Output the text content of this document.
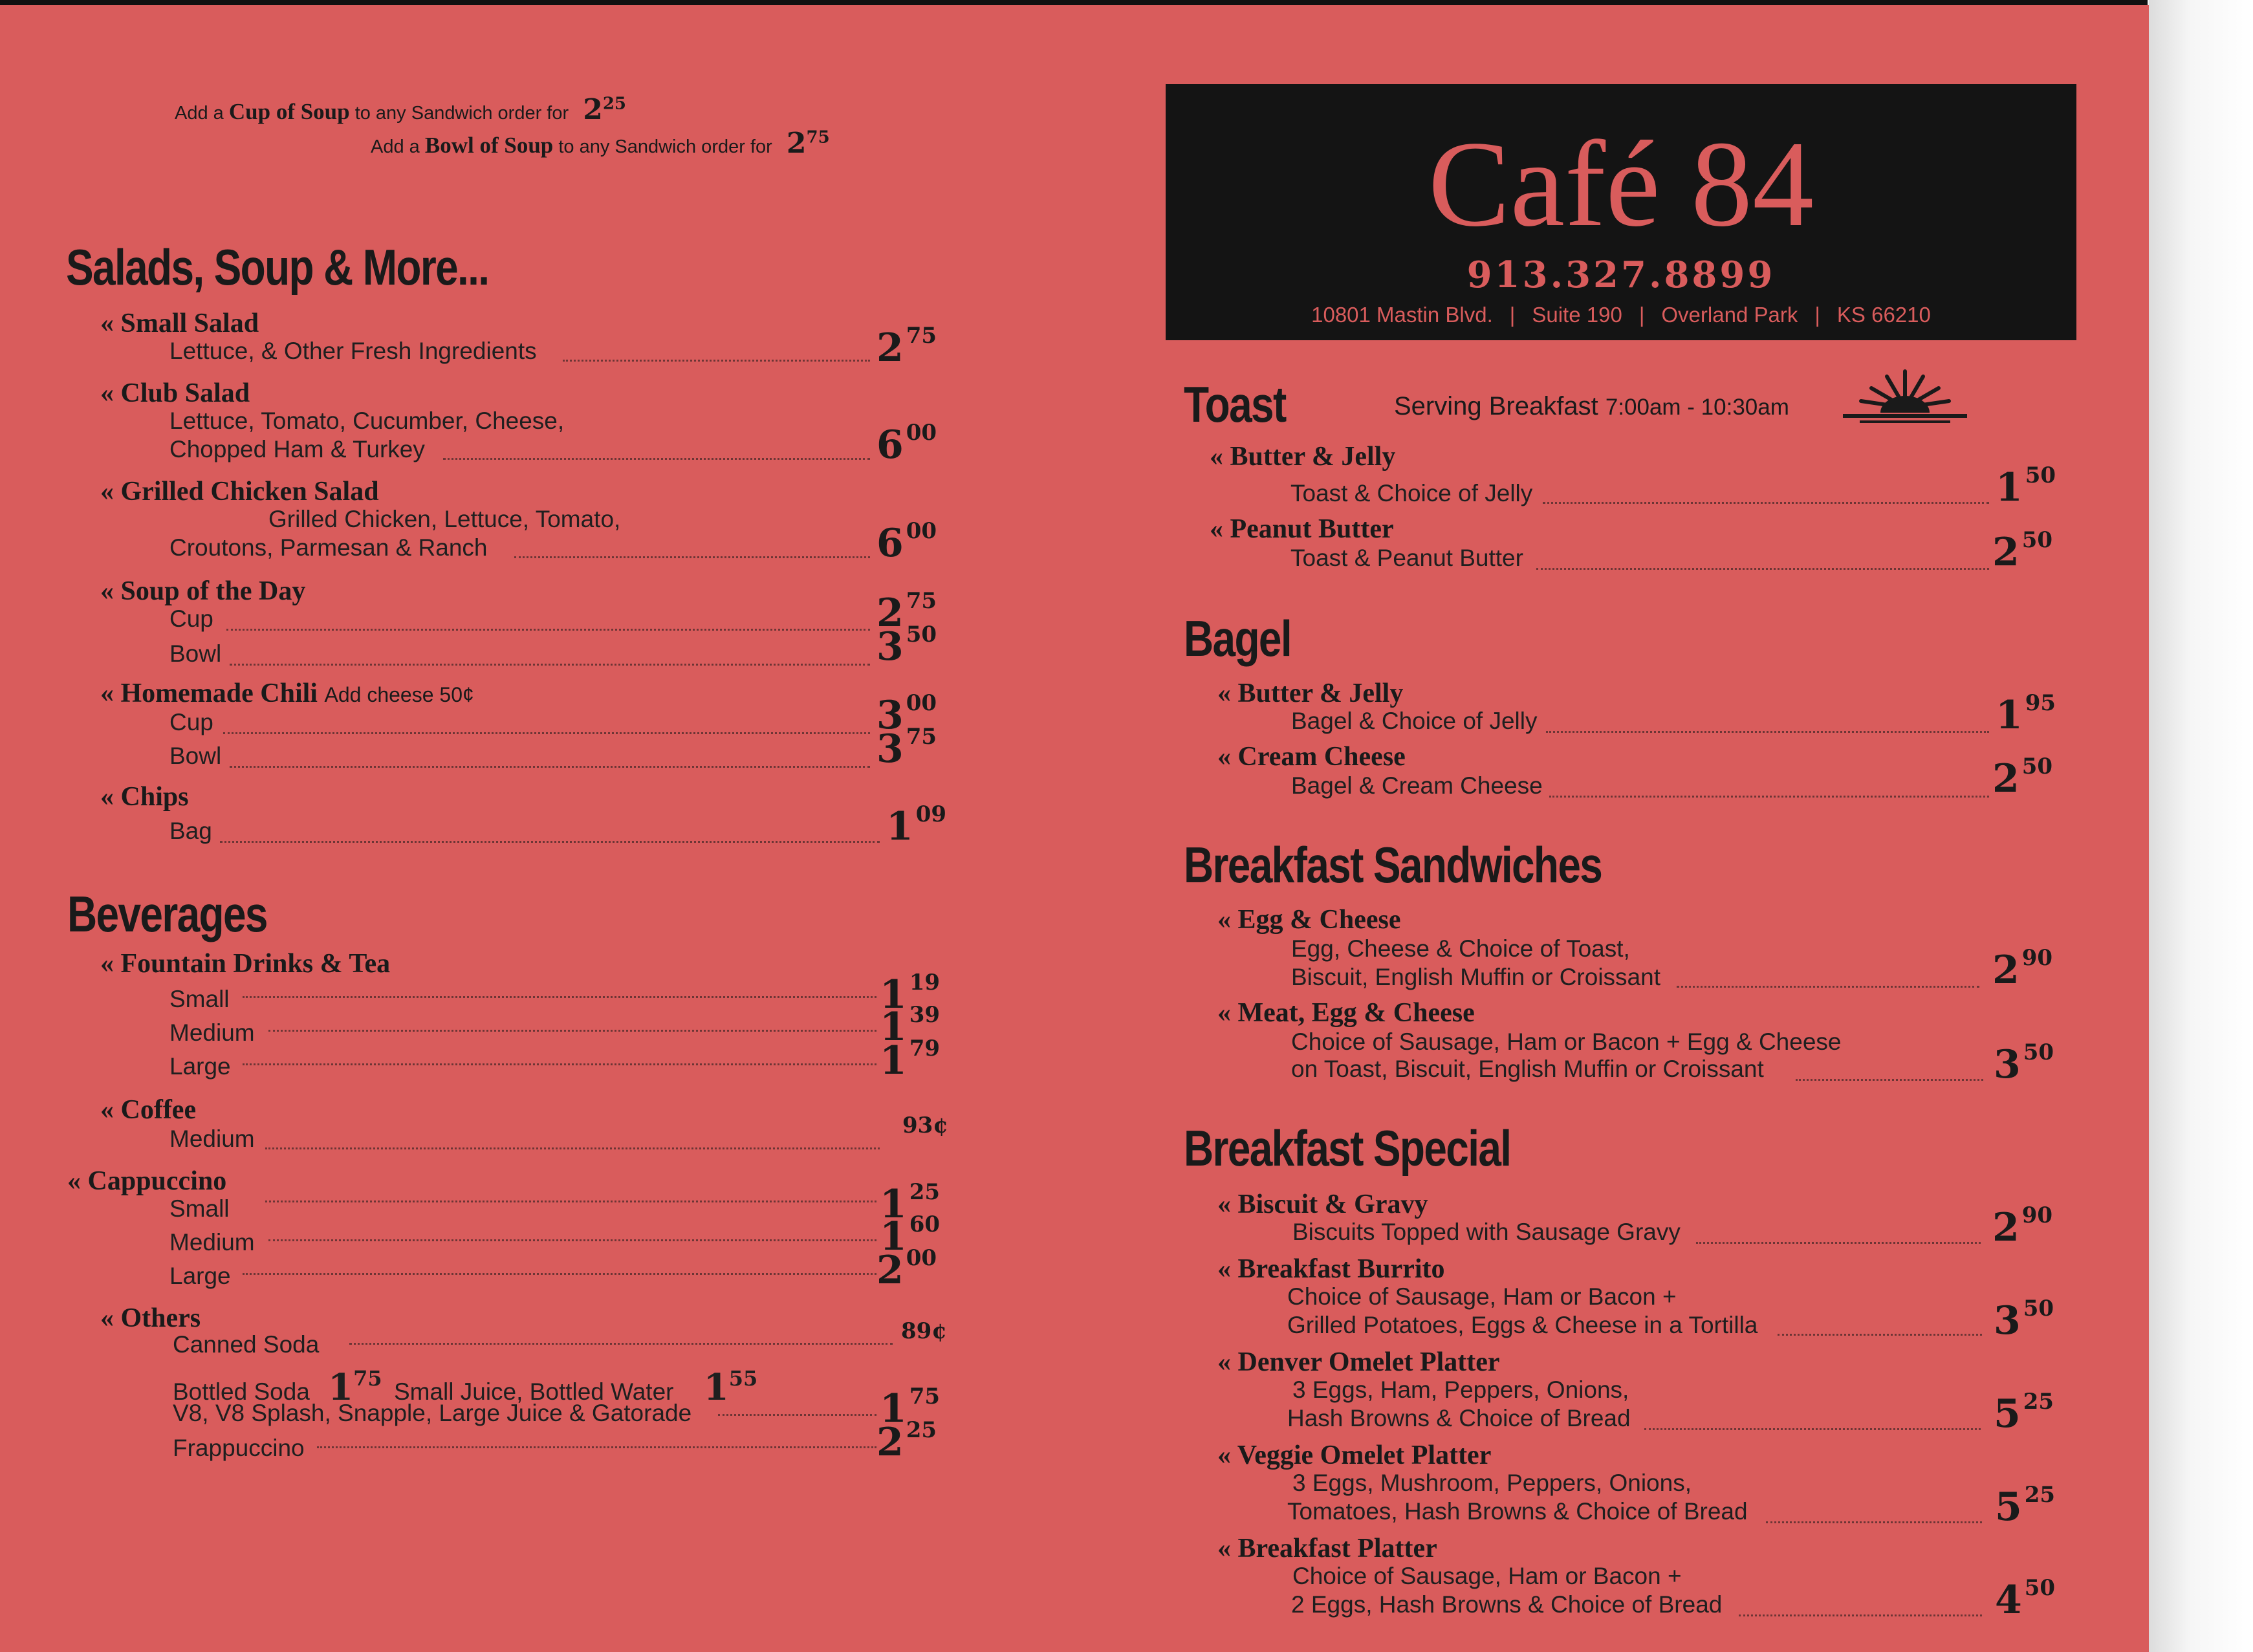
Add a Cup of Soup to any Sandwich order for $2^{25}$
Add a Bowl of Soup to any Sandwich order for $2^{75}$
Salads, Soup & More...
« Small Salad
Lettuce, & Other Fresh Ingredients	2 $^{75}$
« Club Salad
Lettuce, Tomato, Cucumber, Cheese,
Chopped Ham & Turkey	6 $^{00}$
« Grilled Chicken Salad
Grilled Chicken, Lettuce, Tomato,
Croutons, Parmesan & Ranch	6 $^{00}$
« Soup of the Day
Cup	2 $^{75}$
Bowl	3 $^{50}$
« Homemade Chili Add cheese 50¢
Cup	3 $^{00}$
Bowl	3 $^{75}$
« Chips
Bag	1 $^{09}$
Beverages
« Fountain Drinks & Tea
Small	1 $^{19}$
Medium	1 $^{39}$
Large	1 $^{79}$
« Coffee
Medium	93¢
« Cappuccino
Small	1 $^{25}$
Medium	1 $^{60}$
Large	2 $^{00}$
« Others
Canned Soda	89¢
Bottled Soda $1^{75}$ Small Juice, Bottled Water $1^{55}$
V8, V8 Splash, Snapple, Large Juice & Gatorade	1 $^{75}$
Frappuccino	2 $^{25}$
Café 84
913.327.8899
10801 Mastin Blvd. | Suite 190 | Overland Park | KS 66210
Toast	Serving Breakfast 7:00am - 10:30am
« Butter & Jelly
Toast & Choice of Jelly	1 $^{50}$
« Peanut Butter
Toast & Peanut Butter	2 $^{50}$
Bagel
« Butter & Jelly
Bagel & Choice of Jelly	1 $^{95}$
« Cream Cheese
Bagel & Cream Cheese	2 $^{50}$
Breakfast Sandwiches
« Egg & Cheese
Egg, Cheese & Choice of Toast,
Biscuit, English Muffin or Croissant	2 $^{90}$
« Meat, Egg & Cheese
Choice of Sausage, Ham or Bacon + Egg & Cheese
on Toast, Biscuit, English Muffin or Croissant	3 $^{50}$
Breakfast Special
« Biscuit & Gravy
Biscuits Topped with Sausage Gravy	2 $^{90}$
« Breakfast Burrito
Choice of Sausage, Ham or Bacon +
Grilled Potatoes, Eggs & Cheese in a Tortilla	3 $^{50}$
« Denver Omelet Platter
3 Eggs, Ham, Peppers, Onions,
Hash Browns & Choice of Bread	5 $^{25}$
« Veggie Omelet Platter
3 Eggs, Mushroom, Peppers, Onions,
Tomatoes, Hash Browns & Choice of Bread	5 $^{25}$
« Breakfast Platter
Choice of Sausage, Ham or Bacon +
2 Eggs, Hash Browns & Choice of Bread	4 $^{50}$
